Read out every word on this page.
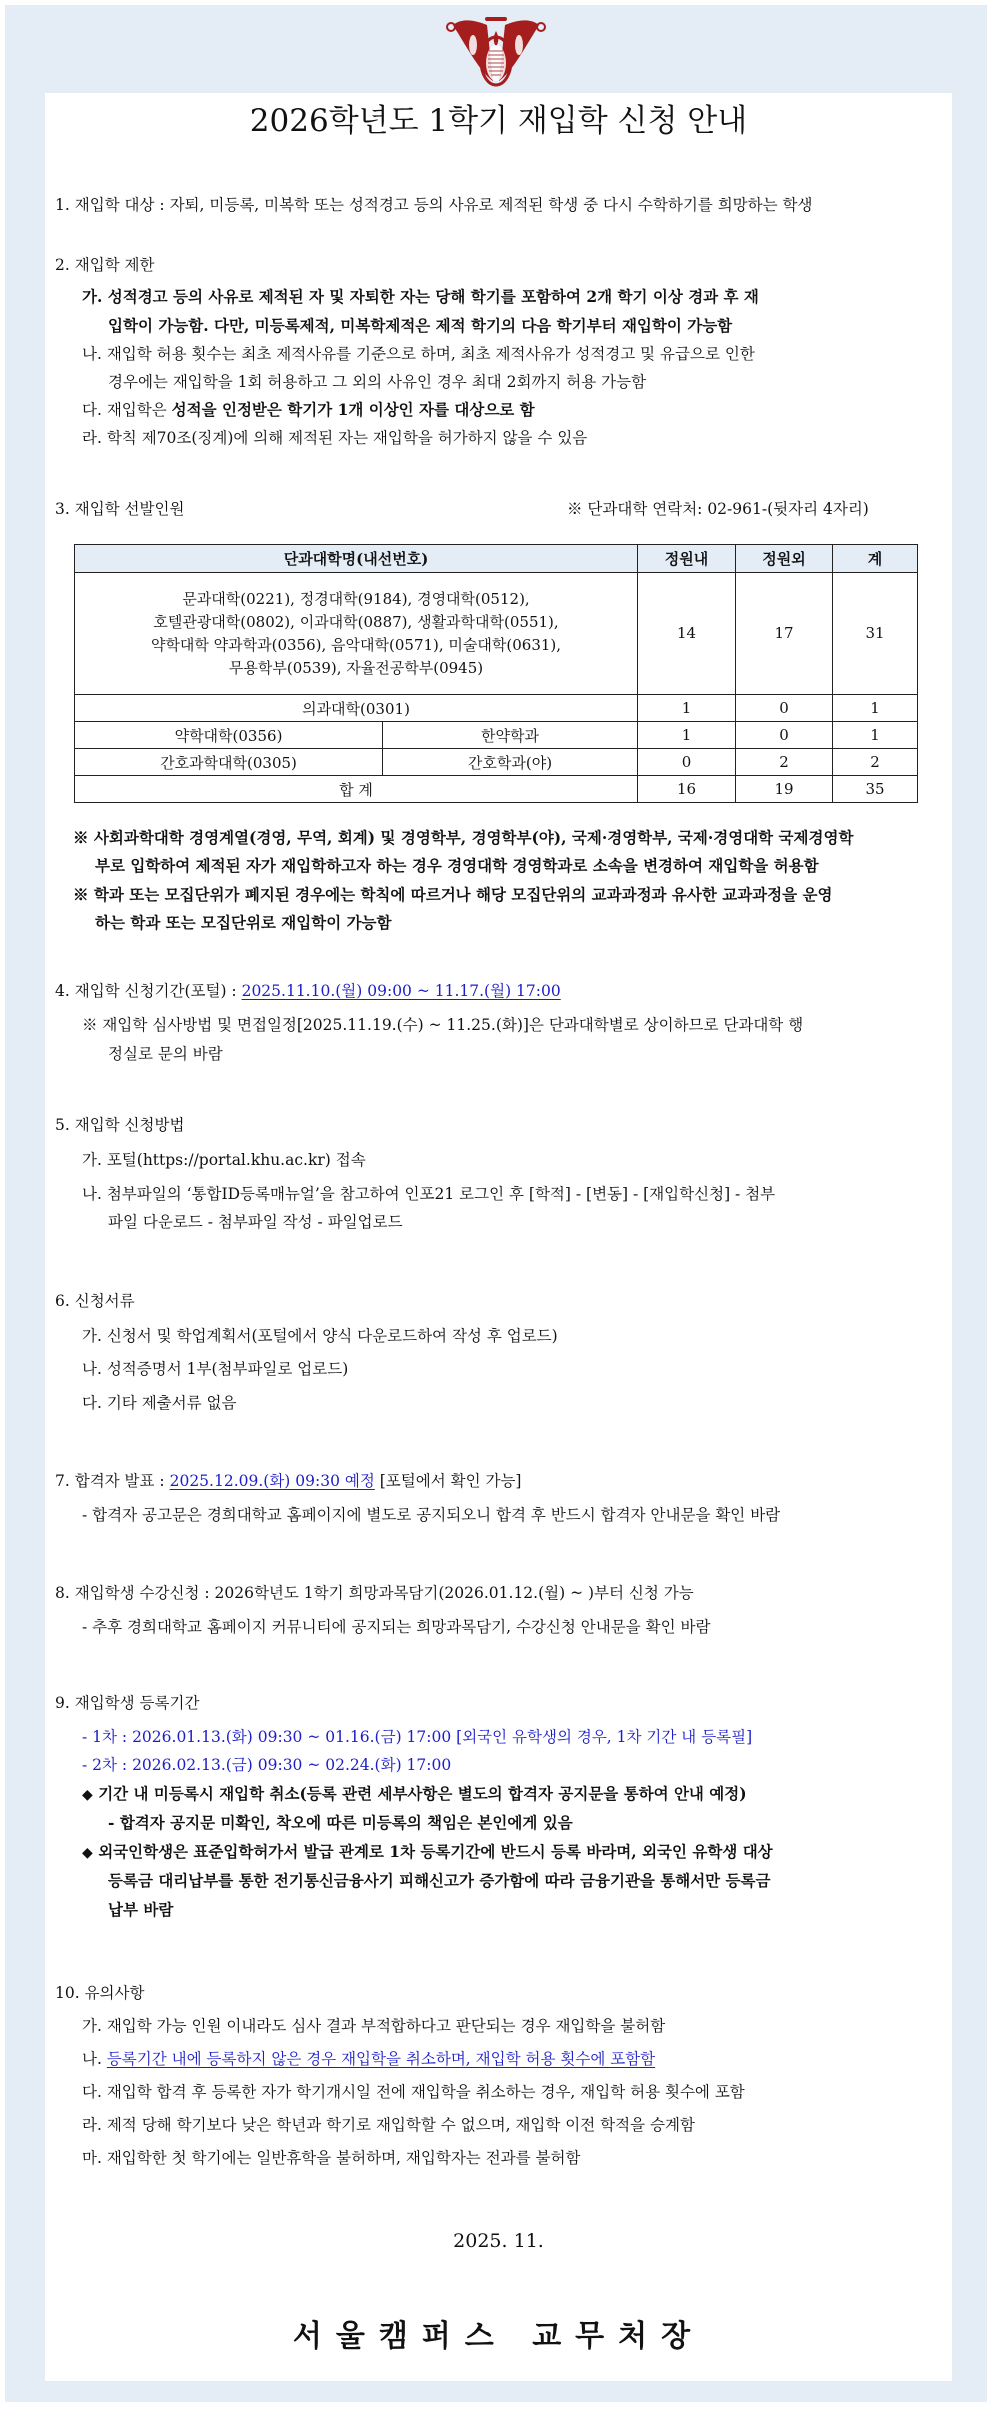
2026학년도 1학기 재입학 신청 안내
1. 재입학 대상 : 자퇴, 미등록, 미복학 또는 성적경고 등의 사유로 제적된 학생 중 다시 수학하기를 희망하는 학생
2. 재입학 제한
가. 성적경고 등의 사유로 제적된 자 및 자퇴한 자는 당해 학기를 포함하여 2개 학기 이상 경과 후 재
입학이 가능함. 다만, 미등록제적, 미복학제적은 제적 학기의 다음 학기부터 재입학이 가능함
나. 재입학 허용 횟수는 최초 제적사유를 기준으로 하며, 최초 제적사유가 성적경고 및 유급으로 인한
경우에는 재입학을 1회 허용하고 그 외의 사유인 경우 최대 2회까지 허용 가능함
다. 재입학은 성적을 인정받은 학기가 1개 이상인 자를 대상으로 함
라. 학칙 제70조(징계)에 의해 제적된 자는 재입학을 허가하지 않을 수 있음
3. 재입학 선발인원	※ 단과대학 연락처: 02-961-(뒷자리 4자리)
단과대학명(내선번호)		정원내	정원외	계

문과대학(0221), 정경대학(9184), 경영대학(0512),
호텔관광대학(0802), 이과대학(0887), 생활과학대학(0551),
약학대학 약과학과(0356), 음악대학(0571), 미술대학(0631),
무용학부(0539), 자율전공학부(0945)		14	17	31
의과대학(0301)		1	0	1
약학대학(0356)	한약학과	1	0	1
간호과학대학(0305)	간호학과(야)	0	2	2
합 계		16	19	35
※ 사회과학대학 경영계열(경영, 무역, 회계) 및 경영학부, 경영학부(야), 국제·경영학부, 국제·경영대학 국제경영학
부로 입학하여 제적된 자가 재입학하고자 하는 경우 경영대학 경영학과로 소속을 변경하여 재입학을 허용함
※ 학과 또는 모집단위가 폐지된 경우에는 학칙에 따르거나 해당 모집단위의 교과과정과 유사한 교과과정을 운영
하는 학과 또는 모집단위로 재입학이 가능함
4. 재입학 신청기간(포털) : 2025.11.10.(월) 09:00 ~ 11.17.(월) 17:00
※ 재입학 심사방법 및 면접일정[2025.11.19.(수) ~ 11.25.(화)]은 단과대학별로 상이하므로 단과대학 행
정실로 문의 바람
5. 재입학 신청방법
가. 포털(https://portal.khu.ac.kr) 접속
나. 첨부파일의 ‘통합ID등록매뉴얼’을 참고하여 인포21 로그인 후 [학적] - [변동] - [재입학신청] - 첨부
파일 다운로드 - 첨부파일 작성 - 파일업로드
6. 신청서류
가. 신청서 및 학업계획서(포털에서 양식 다운로드하여 작성 후 업로드)
나. 성적증명서 1부(첨부파일로 업로드)
다. 기타 제출서류 없음
7. 합격자 발표 : 2025.12.09.(화) 09:30 예정 [포털에서 확인 가능]
- 합격자 공고문은 경희대학교 홈페이지에 별도로 공지되오니 합격 후 반드시 합격자 안내문을 확인 바람
8. 재입학생 수강신청 : 2026학년도 1학기 희망과목담기(2026.01.12.(월) ~ )부터 신청 가능
- 추후 경희대학교 홈페이지 커뮤니티에 공지되는 희망과목담기, 수강신청 안내문을 확인 바람
9. 재입학생 등록기간
- 1차 : 2026.01.13.(화) 09:30 ~ 01.16.(금) 17:00 [외국인 유학생의 경우, 1차 기간 내 등록필]
- 2차 : 2026.02.13.(금) 09:30 ~ 02.24.(화) 17:00
◆ 기간 내 미등록시 재입학 취소(등록 관련 세부사항은 별도의 합격자 공지문을 통하여 안내 예정)
- 합격자 공지문 미확인, 착오에 따른 미등록의 책임은 본인에게 있음
◆ 외국인학생은 표준입학허가서 발급 관계로 1차 등록기간에 반드시 등록 바라며, 외국인 유학생 대상
등록금 대리납부를 통한 전기통신금융사기 피해신고가 증가함에 따라 금융기관을 통해서만 등록금
납부 바람
10. 유의사항
가. 재입학 가능 인원 이내라도 심사 결과 부적합하다고 판단되는 경우 재입학을 불허함
나. 등록기간 내에 등록하지 않은 경우 재입학을 취소하며, 재입학 허용 횟수에 포함함
다. 재입학 합격 후 등록한 자가 학기개시일 전에 재입학을 취소하는 경우, 재입학 허용 횟수에 포함
라. 제적 당해 학기보다 낮은 학년과 학기로 재입학할 수 없으며, 재입학 이전 학적을 승계함
마. 재입학한 첫 학기에는 일반휴학을 불허하며, 재입학자는 전과를 불허함
2025. 11.
서울캠퍼스 교무처장
